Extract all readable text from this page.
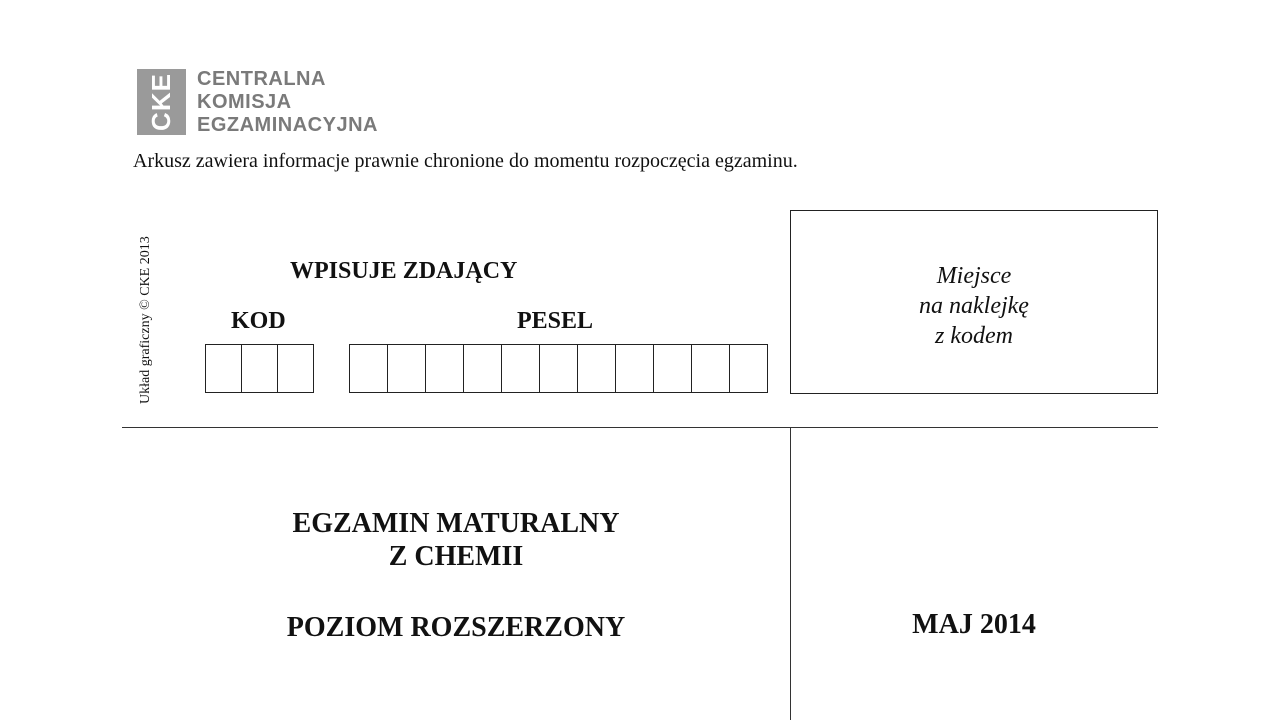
CKE	CENTRALNA
KOMISJA
EGZAMINACYJNA
Arkusz zawiera informacje prawnie chronione do momentu rozpoczęcia egzaminu.
Układ graficzny © CKE 2013	WPISUJE ZDAJĄCY
KOD	PESEL
Miejsce
na naklejkę
z kodem
EGZAMIN MATURALNY
Z CHEMII
POZIOM ROZSZERZONY	MAJ 2014
